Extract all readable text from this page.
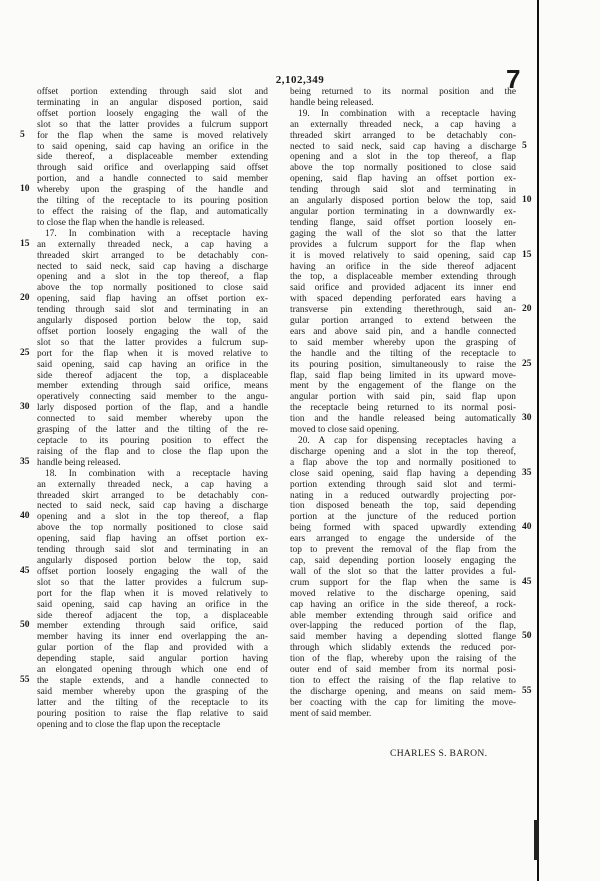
2,102,349	7
offset portion extending through said slot and
terminating in an angular disposed portion, said
offset portion loosely engaging the wall of the
slot so that the latter provides a fulcrum support
for the flap when the same is moved relatively
to said opening, said cap having an orifice in the
side thereof, a displaceable member extending
through said orifice and overlapping said offset
portion, and a handle connected to said member
whereby upon the grasping of the handle and
the tilting of the receptacle to its pouring position
to effect the raising of the flap, and automatically
to close the flap when the handle is released.
17. In combination with a receptacle having
an externally threaded neck, a cap having a
threaded skirt arranged to be detachably con-
nected to said neck, said cap having a discharge
opening and a slot in the top thereof, a flap
above the top normally positioned to close said
opening, said flap having an offset portion ex-
tending through said slot and terminating in an
angularly disposed portion below the top, said
offset portion loosely engaging the wall of the
slot so that the latter provides a fulcrum sup-
port for the flap when it is moved relative to
said opening, said cap having an orifice in the
side thereof adjacent the top, a displaceable
member extending through said orifice, means
operatively connecting said member to the angu-
larly disposed portion of the flap, and a handle
connected to said member whereby upon the
grasping of the latter and the tilting of the re-
ceptacle to its pouring position to effect the
raising of the flap and to close the flap upon the
handle being released.
18. In combination with a receptacle having
an externally threaded neck, a cap having a
threaded skirt arranged to be detachably con-
nected to said neck, said cap having a discharge
opening and a slot in the top thereof, a flap
above the top normally positioned to close said
opening, said flap having an offset portion ex-
tending through said slot and terminating in an
angularly disposed portion below the top, said
offset portion loosely engaging the wall of the
slot so that the latter provides a fulcrum sup-
port for the flap when it is moved relatively to
said opening, said cap having an orifice in the
side thereof adjacent the top, a displaceable
member extending through said orifice, said
member having its inner end overlapping the an-
gular portion of the flap and provided with a
depending staple, said angular portion having
an elongated opening through which one end of
the staple extends, and a handle connected to
said member whereby upon the grasping of the
latter and the tilting of the receptacle to its
pouring position to raise the flap relative to said
opening and to close the flap upon the receptacle
being returned to its normal position and the
handle being released.
19. In combination with a receptacle having
an externally threaded neck, a cap having a
threaded skirt arranged to be detachably con-
nected to said neck, said cap having a discharge
opening and a slot in the top thereof, a flap
above the top normally positioned to close said
opening, said flap having an offset portion ex-
tending through said slot and terminating in
an angularly disposed portion below the top, said
angular portion terminating in a downwardly ex-
tending flange, said offset portion loosely en-
gaging the wall of the slot so that the latter
provides a fulcrum support for the flap when
it is moved relatively to said opening, said cap
having an orifice in the side thereof adjacent
the top, a displaceable member extending through
said orifice and provided adjacent its inner end
with spaced depending perforated ears having a
transverse pin extending therethrough, said an-
gular portion arranged to extend between the
ears and above said pin, and a handle connected
to said member whereby upon the grasping of
the handle and the tilting of the receptacle to
its pouring position, simultaneously to raise the
flap, said flap being limited in its upward move-
ment by the engagement of the flange on the
angular portion with said pin, said flap upon
the receptacle being returned to its normal posi-
tion and the handle released being automatically
moved to close said opening.
20. A cap for dispensing receptacles having a
discharge opening and a slot in the top thereof,
a flap above the top and normally positioned to
close said opening, said flap having a depending
portion extending through said slot and termi-
nating in a reduced outwardly projecting por-
tion disposed beneath the top, said depending
portion at the juncture of the reduced portion
being formed with spaced upwardly extending
ears arranged to engage the underside of the
top to prevent the removal of the flap from the
cap, said depending portion loosely engaging the
wall of the slot so that the latter provides a ful-
crum support for the flap when the same is
moved relative to the discharge opening, said
cap having an orifice in the side thereof, a rock-
able member extending through said orifice and
over-lapping the reduced portion of the flap,
said member having a depending slotted flange
through which slidably extends the reduced por-
tion of the flap, whereby upon the raising of the
outer end of said member from its normal posi-
tion to effect the raising of the flap relative to
the discharge opening, and means on said mem-
ber coacting with the cap for limiting the move-
ment of said member.
5
10
15
20
25
30
35
40
45
50
55
5
10
15
20
25
30
35
40
45
50
55
CHARLES S. BARON.
